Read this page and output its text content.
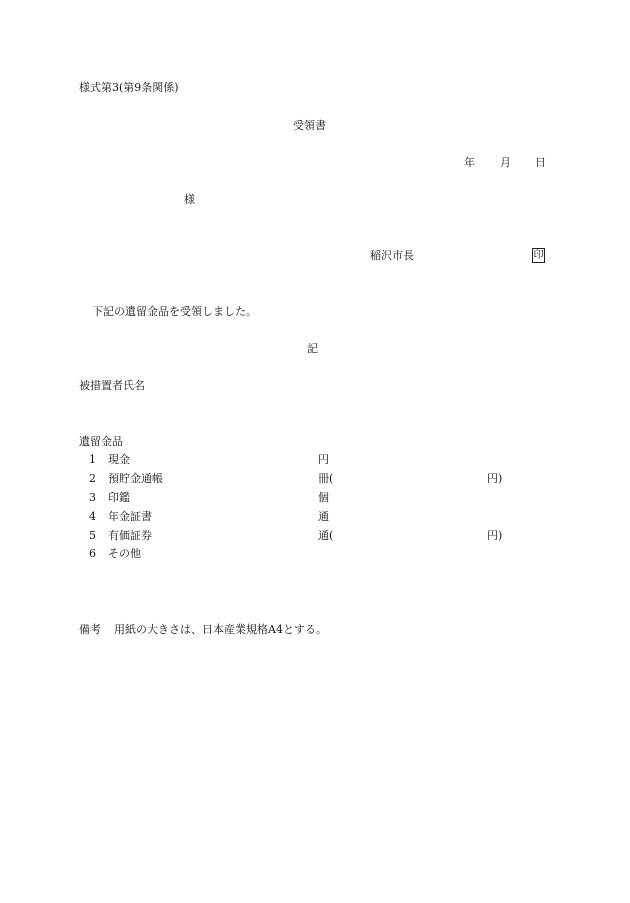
様式第3(第9条関係)
受領書
年 月 日
様
稲沢市長	印
下記の遺留金品を受領しました。
記
被措置者氏名
遺留金品
1 現金	円
2 預貯金通帳	冊(	円)
3 印鑑	個
4 年金証書	通
5 有価証券	通(	円)
6 その他
備考 用紙の大きさは、日本産業規格A4とする。
